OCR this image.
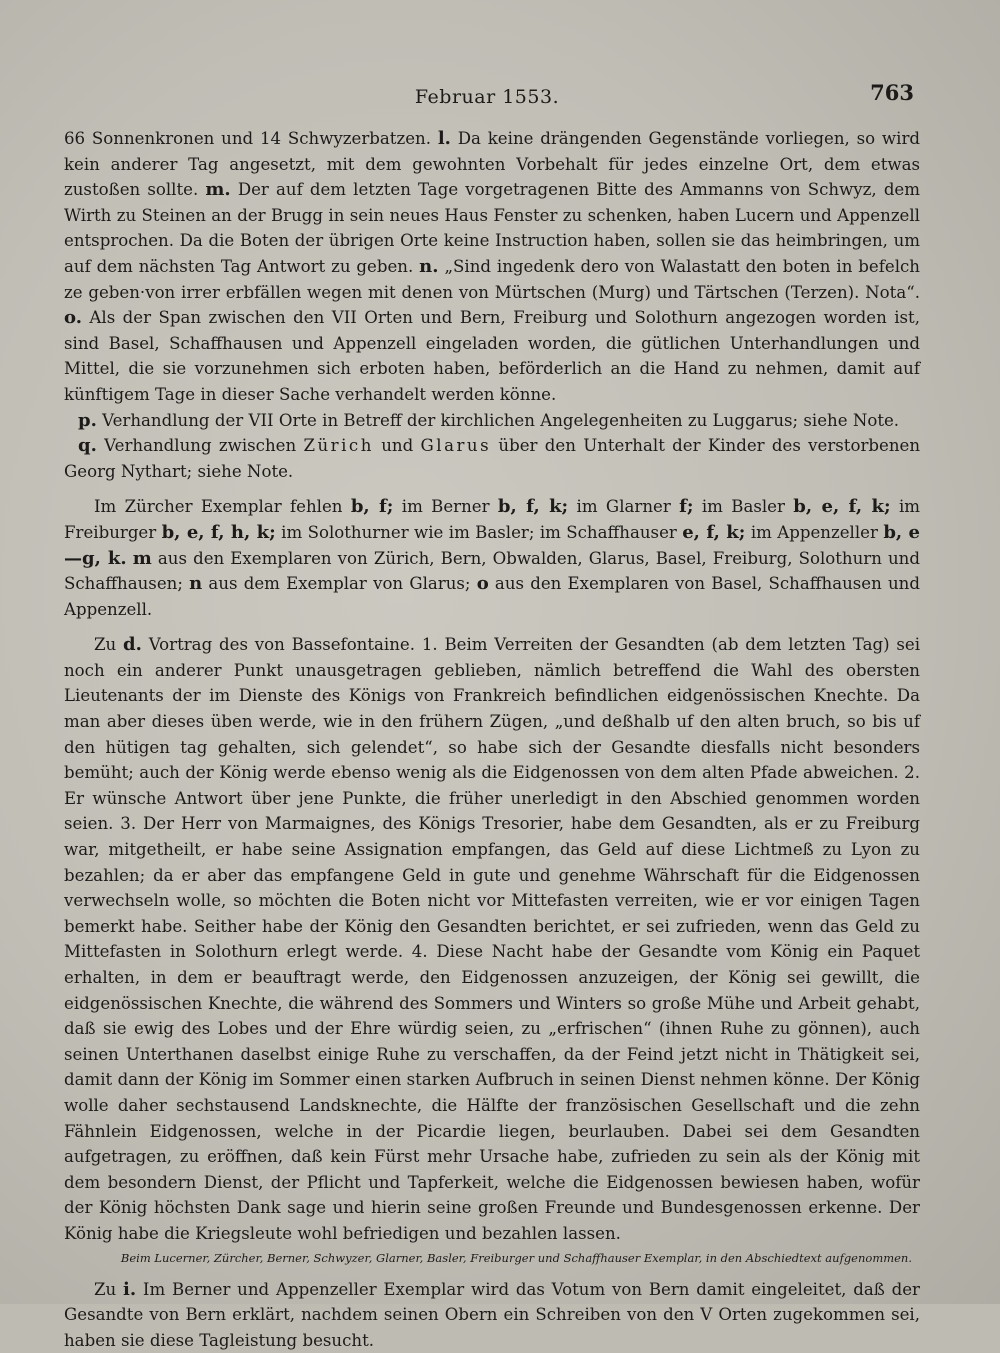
Februar 1553.	763

66 Sonnenkronen und 14 Schwyzerbatzen. l. Da keine drängenden Gegenstände vorliegen, so wird kein anderer Tag angesetzt, mit dem gewohnten Vorbehalt für jedes einzelne Ort, dem etwas zustoßen sollte. m. Der auf dem letzten Tage vorgetragenen Bitte des Ammanns von Schwyz, dem Wirth zu Steinen an der Brugg in sein neues Haus Fenster zu schenken, haben Lucern und Appenzell entsprochen. Da die Boten der übrigen Orte keine Instruction haben, sollen sie das heimbringen, um auf dem nächsten Tag Antwort zu geben. n. „Sind ingedenk dero von Walastatt den boten in befelch ze geben·von irrer erbfällen wegen mit denen von Mürtschen (Murg) und Tärtschen (Terzen). Nota“. o. Als der Span zwischen den VII Orten und Bern, Freiburg und Solothurn angezogen worden ist, sind Basel, Schaffhausen und Appenzell eingeladen worden, die gütlichen Unterhandlungen und Mittel, die sie vorzunehmen sich erboten haben, beförderlich an die Hand zu nehmen, damit auf künftigem Tage in dieser Sache verhandelt werden könne.

p. Verhandlung der VII Orte in Betreff der kirchlichen Angelegenheiten zu Luggarus; siehe Note.

q. Verhandlung zwischen Zürich und Glarus über den Unterhalt der Kinder des verstorbenen Georg Nythart; siehe Note.

Im Zürcher Exemplar fehlen b, f; im Berner b, f, k; im Glarner f; im Basler b, e, f, k; im Freiburger b, e, f, h, k; im Solothurner wie im Basler; im Schaffhauser e, f, k; im Appenzeller b, e—g, k. m aus den Exemplaren von Zürich, Bern, Obwalden, Glarus, Basel, Freiburg, Solothurn und Schaffhausen; n aus dem Exemplar von Glarus; o aus den Exemplaren von Basel, Schaffhausen und Appenzell.

Zu d. Vortrag des von Bassefontaine. 1. Beim Verreiten der Gesandten (ab dem letzten Tag) sei noch ein anderer Punkt unausgetragen geblieben, nämlich betreffend die Wahl des obersten Lieutenants der im Dienste des Königs von Frankreich befindlichen eidgenössischen Knechte. Da man aber dieses üben werde, wie in den frühern Zügen, „und deßhalb uf den alten bruch, so bis uf den hütigen tag gehalten, sich gelendet“, so habe sich der Gesandte diesfalls nicht besonders bemüht; auch der König werde ebenso wenig als die Eidgenossen von dem alten Pfade abweichen. 2. Er wünsche Antwort über jene Punkte, die früher unerledigt in den Abschied genommen worden seien. 3. Der Herr von Marmaignes, des Königs Tresorier, habe dem Gesandten, als er zu Freiburg war, mitgetheilt, er habe seine Assignation empfangen, das Geld auf diese Lichtmeß zu Lyon zu bezahlen; da er aber das empfangene Geld in gute und genehme Währschaft für die Eidgenossen verwechseln wolle, so möchten die Boten nicht vor Mittefasten verreiten, wie er vor einigen Tagen bemerkt habe. Seither habe der König den Gesandten berichtet, er sei zufrieden, wenn das Geld zu Mittefasten in Solothurn erlegt werde. 4. Diese Nacht habe der Gesandte vom König ein Paquet erhalten, in dem er beauftragt werde, den Eidgenossen anzuzeigen, der König sei gewillt, die eidgenössischen Knechte, die während des Sommers und Winters so große Mühe und Arbeit gehabt, daß sie ewig des Lobes und der Ehre würdig seien, zu „erfrischen“ (ihnen Ruhe zu gönnen), auch seinen Unterthanen daselbst einige Ruhe zu verschaffen, da der Feind jetzt nicht in Thätigkeit sei, damit dann der König im Sommer einen starken Aufbruch in seinen Dienst nehmen könne. Der König wolle daher sechstausend Landsknechte, die Hälfte der französischen Gesellschaft und die zehn Fähnlein Eidgenossen, welche in der Picardie liegen, beurlauben. Dabei sei dem Gesandten aufgetragen, zu eröffnen, daß kein Fürst mehr Ursache habe, zufrieden zu sein als der König mit dem besondern Dienst, der Pflicht und Tapferkeit, welche die Eidgenossen bewiesen haben, wofür der König höchsten Dank sage und hierin seine großen Freunde und Bundesgenossen erkenne. Der König habe die Kriegsleute wohl befriedigen und bezahlen lassen.

Beim Lucerner, Zürcher, Berner, Schwyzer, Glarner, Basler, Freiburger und Schaffhauser Exemplar, in den Abschiedtext aufgenommen.

Zu i. Im Berner und Appenzeller Exemplar wird das Votum von Bern damit eingeleitet, daß der Gesandte von Bern erklärt, nachdem seinen Obern ein Schreiben von den V Orten zugekommen sei, haben sie diese Tagleistung besucht.
